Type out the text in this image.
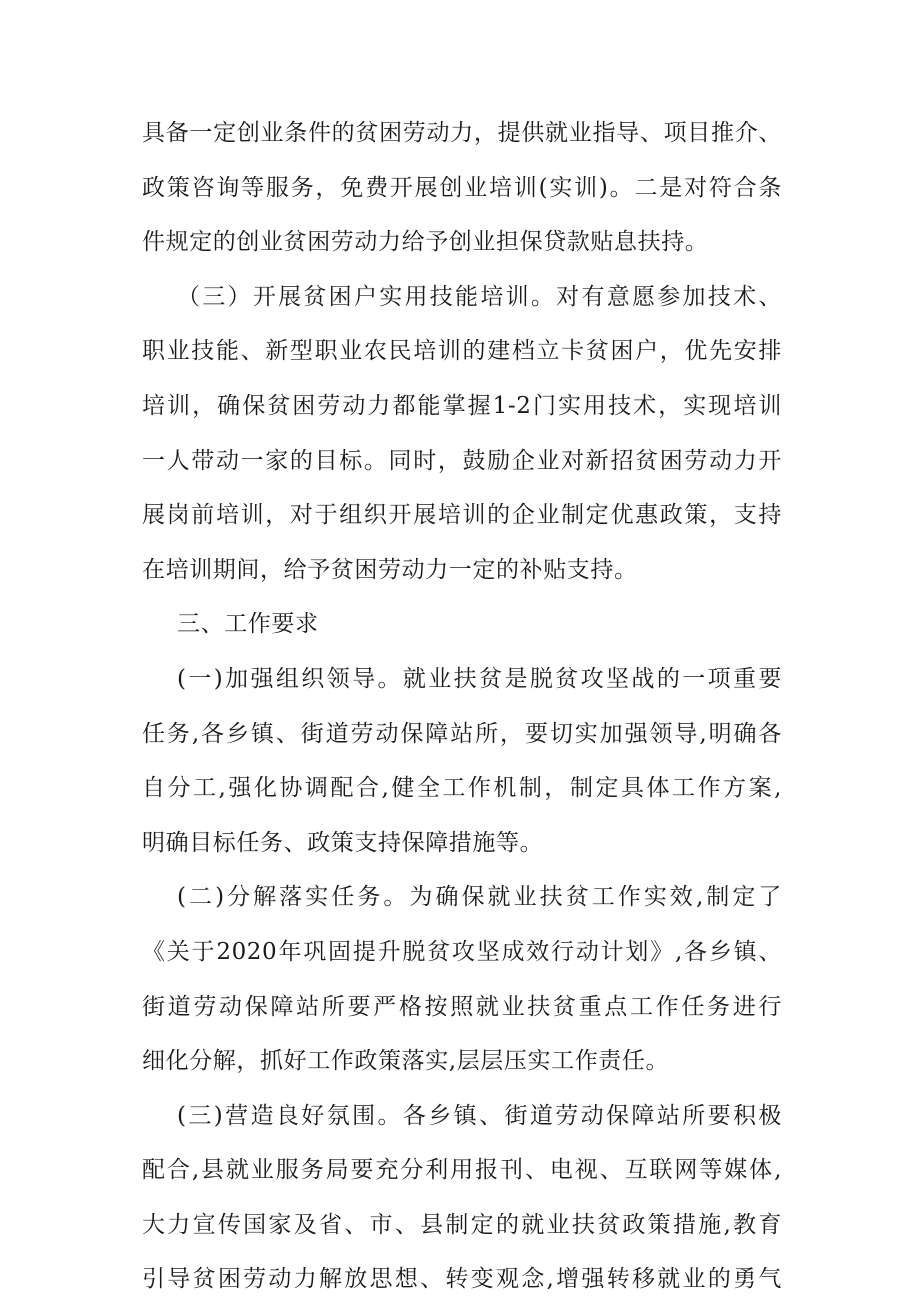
具备一定创业条件的贫困劳动力，提供就业指导、项目推介、
政策咨询等服务，免费开展创业培训(实训)。二是对符合条
件规定的创业贫困劳动力给予创业担保贷款贴息扶持。
（三）开展贫困户实用技能培训。对有意愿参加技术、
职业技能、新型职业农民培训的建档立卡贫困户，优先安排
培训，确保贫困劳动力都能掌握1-2门实用技术，实现培训
一人带动一家的目标。同时，鼓励企业对新招贫困劳动力开
展岗前培训，对于组织开展培训的企业制定优惠政策，支持
在培训期间，给予贫困劳动力一定的补贴支持。
三、工作要求
(一)加强组织领导。就业扶贫是脱贫攻坚战的一项重要
任务,各乡镇、街道劳动保障站所，要切实加强领导,明确各
自分工,强化协调配合,健全工作机制，制定具体工作方案,
明确目标任务、政策支持保障措施等。
(二)分解落实任务。为确保就业扶贫工作实效,制定了
《关于2020年巩固提升脱贫攻坚成效行动计划》,各乡镇、
街道劳动保障站所要严格按照就业扶贫重点工作任务进行
细化分解，抓好工作政策落实,层层压实工作责任。
(三)营造良好氛围。各乡镇、街道劳动保障站所要积极
配合,县就业服务局要充分利用报刊、电视、互联网等媒体,
大力宣传国家及省、市、县制定的就业扶贫政策措施,教育
引导贫困劳动力解放思想、转变观念,增强转移就业的勇气
